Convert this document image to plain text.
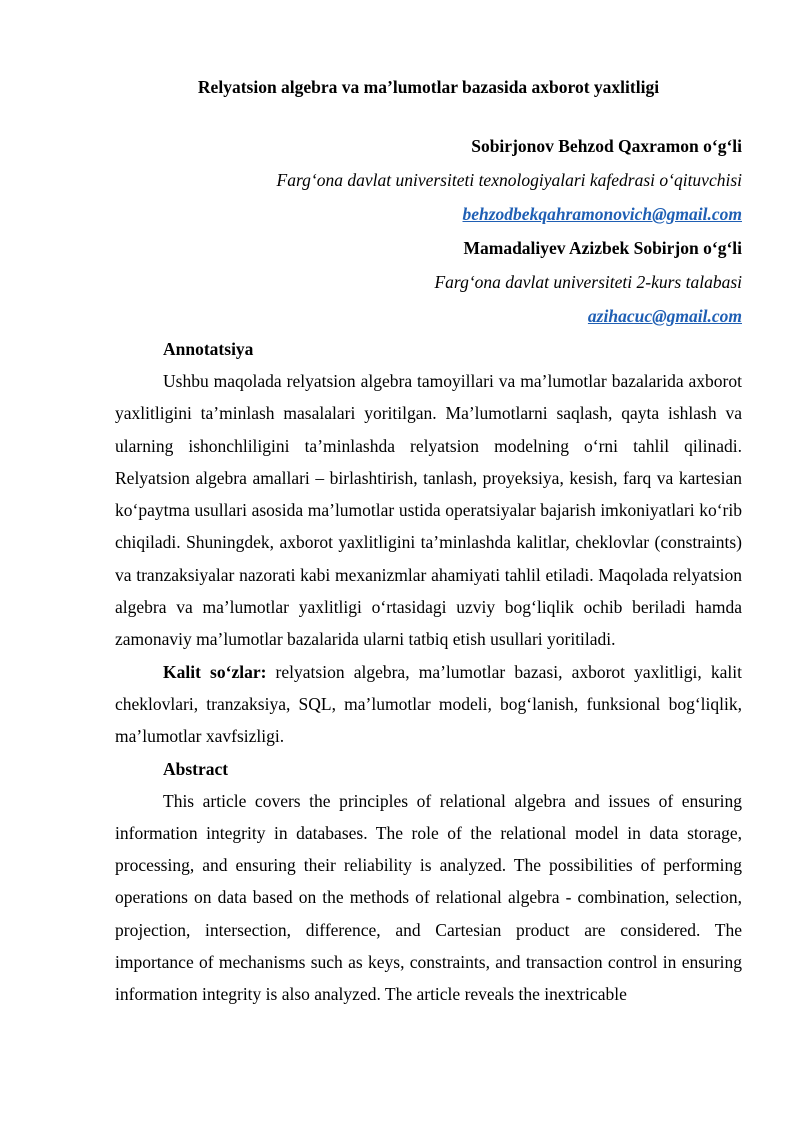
Relyatsion algebra va ma’lumotlar bazasida axborot yaxlitligi
Sobirjonov Behzod Qaxramon o‘g‘li
Farg‘ona davlat universiteti texnologiyalari kafedrasi o‘qituvchisi
behzodbekqahramonovich@gmail.com
Mamadaliyev Azizbek Sobirjon o‘g‘li
Farg‘ona davlat universiteti 2-kurs talabasi
azihacuc@gmail.com
Annotatsiya

Ushbu maqolada relyatsion algebra tamoyillari va ma’lumotlar bazalarida axborot yaxlitligini ta’minlash masalalari yoritilgan. Ma’lumotlarni saqlash, qayta ishlash va ularning ishonchliligini ta’minlashda relyatsion modelning o‘rni tahlil qilinadi. Relyatsion algebra amallari – birlashtirish, tanlash, proyeksiya, kesish, farq va kartesian ko‘paytma usullari asosida ma’lumotlar ustida operatsiyalar bajarish imkoniyatlari ko‘rib chiqiladi. Shuningdek, axborot yaxlitligini ta’minlashda kalitlar, cheklovlar (constraints) va tranzaksiyalar nazorati kabi mexanizmlar ahamiyati tahlil etiladi. Maqolada relyatsion algebra va ma’lumotlar yaxlitligi o‘rtasidagi uzviy bog‘liqlik ochib beriladi hamda zamonaviy ma’lumotlar bazalarida ularni tatbiq etish usullari yoritiladi.

Kalit so‘zlar: relyatsion algebra, ma’lumotlar bazasi, axborot yaxlitligi, kalit cheklovlari, tranzaksiya, SQL, ma’lumotlar modeli, bog‘lanish, funksional bog‘liqlik, ma’lumotlar xavfsizligi.

Abstract

This article covers the principles of relational algebra and issues of ensuring information integrity in databases. The role of the relational model in data storage, processing, and ensuring their reliability is analyzed. The possibilities of performing operations on data based on the methods of relational algebra - combination, selection, projection, intersection, difference, and Cartesian product are considered. The importance of mechanisms such as keys, constraints, and transaction control in ensuring information integrity is also analyzed. The article reveals the inextricable
